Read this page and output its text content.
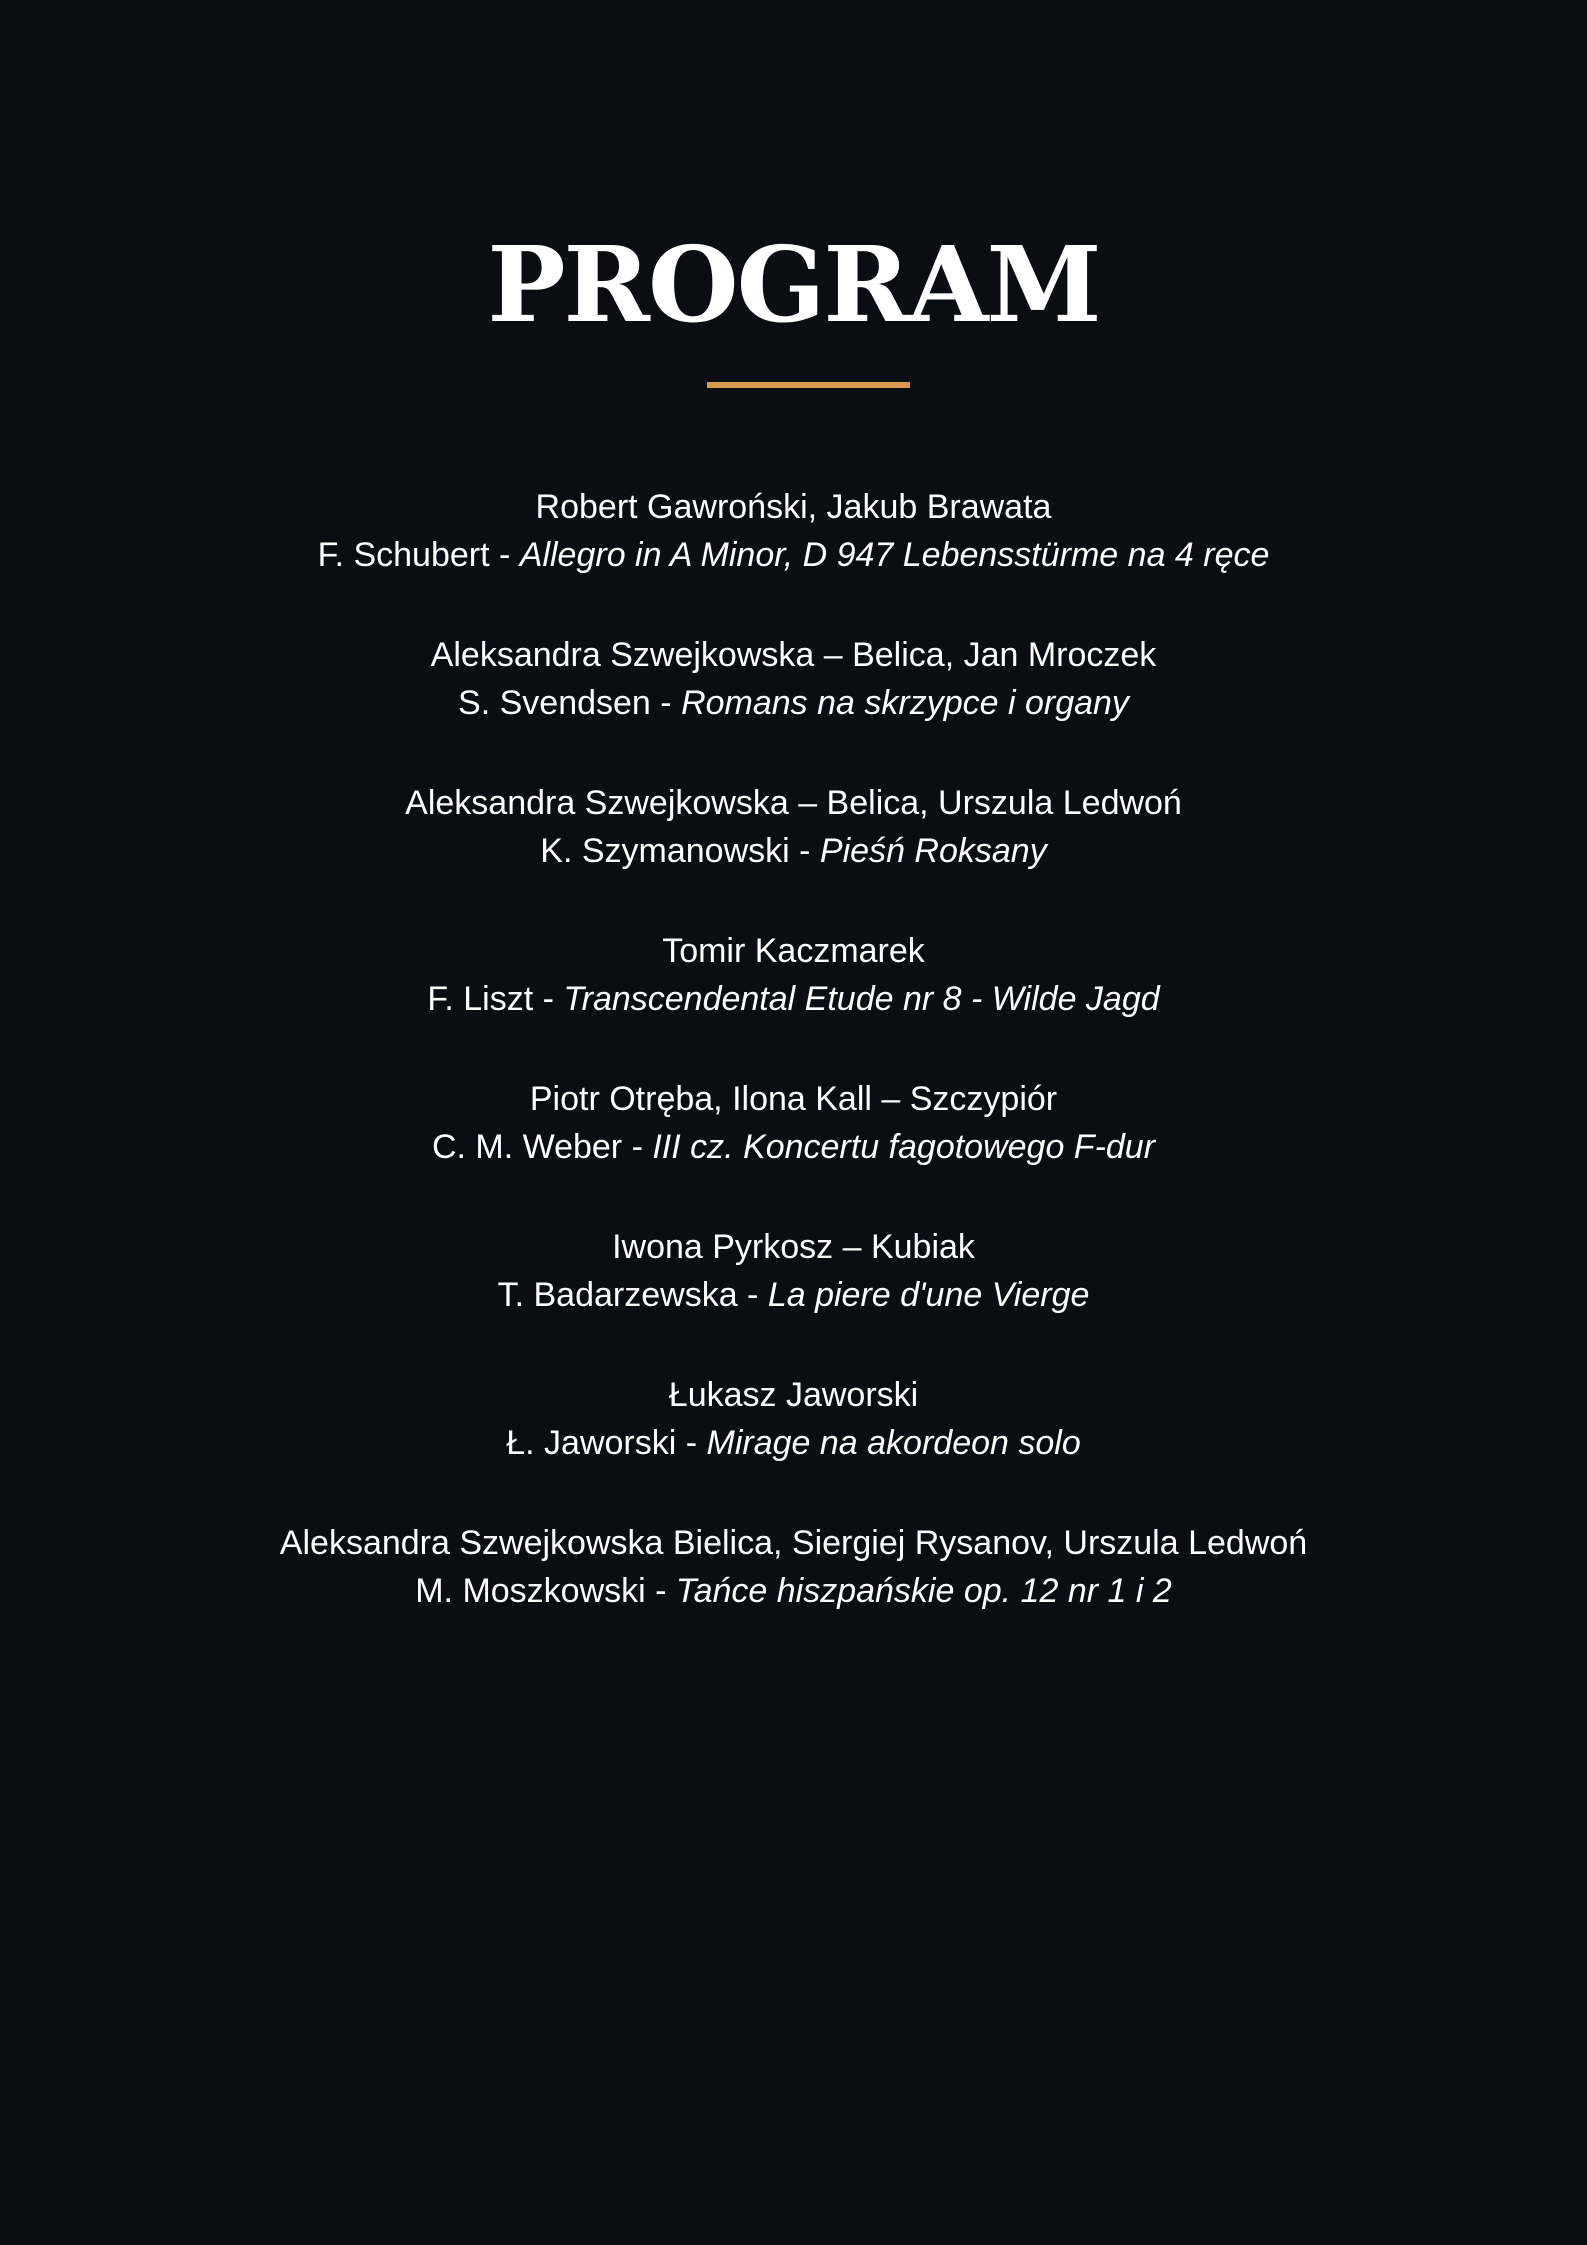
PROGRAM
Robert Gawroński, Jakub Brawata
F. Schubert - Allegro in A Minor, D 947 Lebensstürme na 4 ręce
Aleksandra Szwejkowska – Belica, Jan Mroczek
S. Svendsen - Romans na skrzypce i organy
Aleksandra Szwejkowska – Belica, Urszula Ledwoń
K. Szymanowski - Pieśń Roksany
Tomir Kaczmarek
F. Liszt - Transcendental Etude nr 8 - Wilde Jagd
Piotr Otręba, Ilona Kall – Szczypiór
C. M. Weber - III cz. Koncertu fagotowego F-dur
Iwona Pyrkosz – Kubiak
T. Badarzewska - La piere d'une Vierge
Łukasz Jaworski
Ł. Jaworski - Mirage na akordeon solo
Aleksandra Szwejkowska Bielica, Siergiej Rysanov, Urszula Ledwoń
M. Moszkowski - Tańce hiszpańskie op. 12 nr 1 i 2
